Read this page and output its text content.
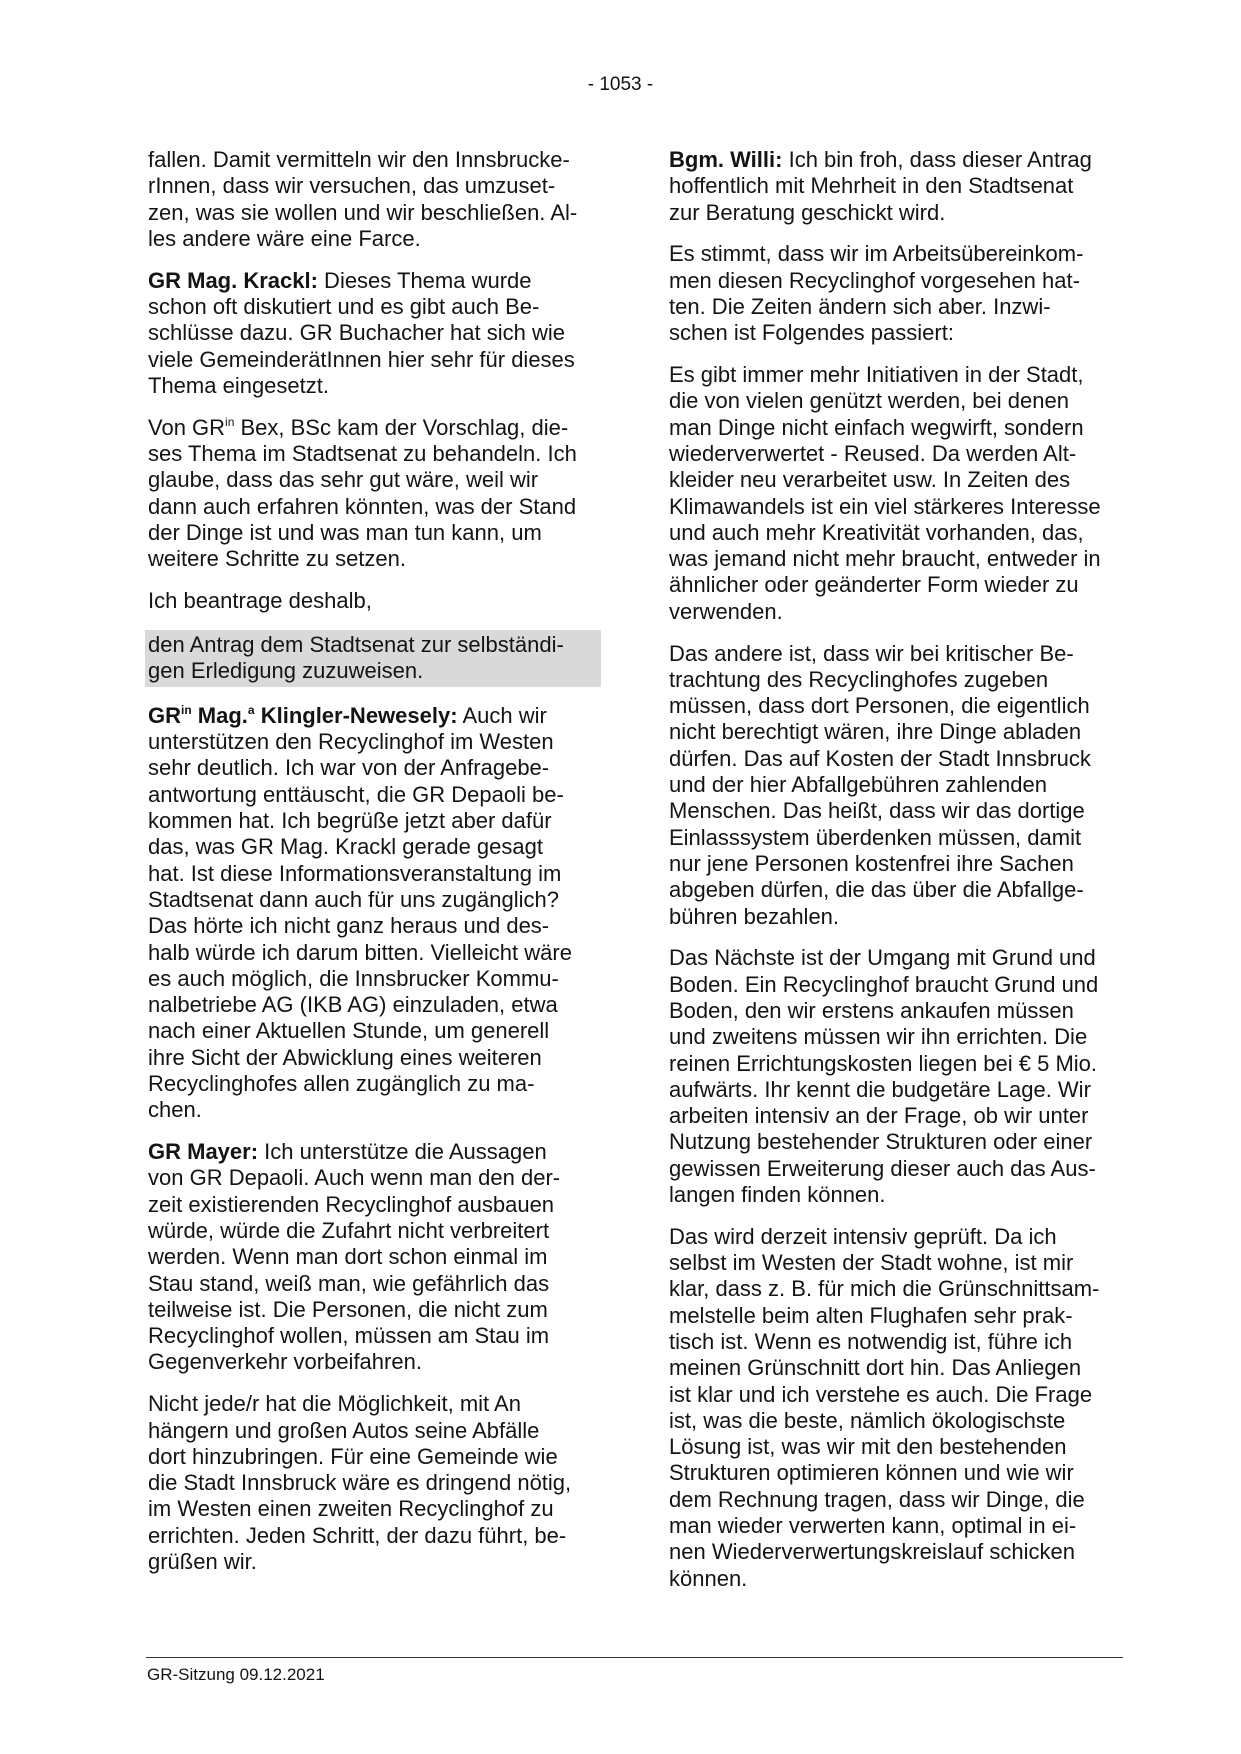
- 1053 -

fallen. Damit vermitteln wir den Innsbrucke-
rInnen, dass wir versuchen, das umzuset-
zen, was sie wollen und wir beschließen. Al-
les andere wäre eine Farce.

GR Mag. Krackl: Dieses Thema wurde
schon oft diskutiert und es gibt auch Be-
schlüsse dazu. GR Buchacher hat sich wie
viele GemeinderätInnen hier sehr für dieses
Thema eingesetzt.

Von $GR^{in}$ Bex, BSc kam der Vorschlag, die-
ses Thema im Stadtsenat zu behandeln. Ich
glaube, dass das sehr gut wäre, weil wir
dann auch erfahren könnten, was der Stand
der Dinge ist und was man tun kann, um
weitere Schritte zu setzen.

Ich beantrage deshalb,

den Antrag dem Stadtsenat zur selbständi-
gen Erledigung zuzuweisen.

$GR^{in}$ Mag.$^a$ Klingler-Newesely: Auch wir
unterstützen den Recyclinghof im Westen
sehr deutlich. Ich war von der Anfragebe-
antwortung enttäuscht, die GR Depaoli be-
kommen hat. Ich begrüße jetzt aber dafür
das, was GR Mag. Krackl gerade gesagt
hat. Ist diese Informationsveranstaltung im
Stadtsenat dann auch für uns zugänglich?
Das hörte ich nicht ganz heraus und des-
halb würde ich darum bitten. Vielleicht wäre
es auch möglich, die Innsbrucker Kommu-
nalbetriebe AG (IKB AG) einzuladen, etwa
nach einer Aktuellen Stunde, um generell
ihre Sicht der Abwicklung eines weiteren
Recyclinghofes allen zugänglich zu ma-
chen.

GR Mayer: Ich unterstütze die Aussagen
von GR Depaoli. Auch wenn man den der-
zeit existierenden Recyclinghof ausbauen
würde, würde die Zufahrt nicht verbreitert
werden. Wenn man dort schon einmal im
Stau stand, weiß man, wie gefährlich das
teilweise ist. Die Personen, die nicht zum
Recyclinghof wollen, müssen am Stau im
Gegenverkehr vorbeifahren.

Nicht jede/r hat die Möglichkeit, mit An
hängern und großen Autos seine Abfälle
dort hinzubringen. Für eine Gemeinde wie
die Stadt Innsbruck wäre es dringend nötig,
im Westen einen zweiten Recyclinghof zu
errichten. Jeden Schritt, der dazu führt, be-
grüßen wir.

Bgm. Willi: Ich bin froh, dass dieser Antrag
hoffentlich mit Mehrheit in den Stadtsenat
zur Beratung geschickt wird.

Es stimmt, dass wir im Arbeitsübereinkom-
men diesen Recyclinghof vorgesehen hat-
ten. Die Zeiten ändern sich aber. Inzwi-
schen ist Folgendes passiert:

Es gibt immer mehr Initiativen in der Stadt,
die von vielen genützt werden, bei denen
man Dinge nicht einfach wegwirft, sondern
wiederverwertet - Reused. Da werden Alt-
kleider neu verarbeitet usw. In Zeiten des
Klimawandels ist ein viel stärkeres Interesse
und auch mehr Kreativität vorhanden, das,
was jemand nicht mehr braucht, entweder in
ähnlicher oder geänderter Form wieder zu
verwenden.

Das andere ist, dass wir bei kritischer Be-
trachtung des Recyclinghofes zugeben
müssen, dass dort Personen, die eigentlich
nicht berechtigt wären, ihre Dinge abladen
dürfen. Das auf Kosten der Stadt Innsbruck
und der hier Abfallgebühren zahlenden
Menschen. Das heißt, dass wir das dortige
Einlasssystem überdenken müssen, damit
nur jene Personen kostenfrei ihre Sachen
abgeben dürfen, die das über die Abfallge-
bühren bezahlen.

Das Nächste ist der Umgang mit Grund und
Boden. Ein Recyclinghof braucht Grund und
Boden, den wir erstens ankaufen müssen
und zweitens müssen wir ihn errichten. Die
reinen Errichtungskosten liegen bei € 5 Mio.
aufwärts. Ihr kennt die budgetäre Lage. Wir
arbeiten intensiv an der Frage, ob wir unter
Nutzung bestehender Strukturen oder einer
gewissen Erweiterung dieser auch das Aus-
langen finden können.

Das wird derzeit intensiv geprüft. Da ich
selbst im Westen der Stadt wohne, ist mir
klar, dass z. B. für mich die Grünschnittsam-
melstelle beim alten Flughafen sehr prak-
tisch ist. Wenn es notwendig ist, führe ich
meinen Grünschnitt dort hin. Das Anliegen
ist klar und ich verstehe es auch. Die Frage
ist, was die beste, nämlich ökologischste
Lösung ist, was wir mit den bestehenden
Strukturen optimieren können und wie wir
dem Rechnung tragen, dass wir Dinge, die
man wieder verwerten kann, optimal in ei-
nen Wiederverwertungskreislauf schicken
können.

GR-Sitzung 09.12.2021
